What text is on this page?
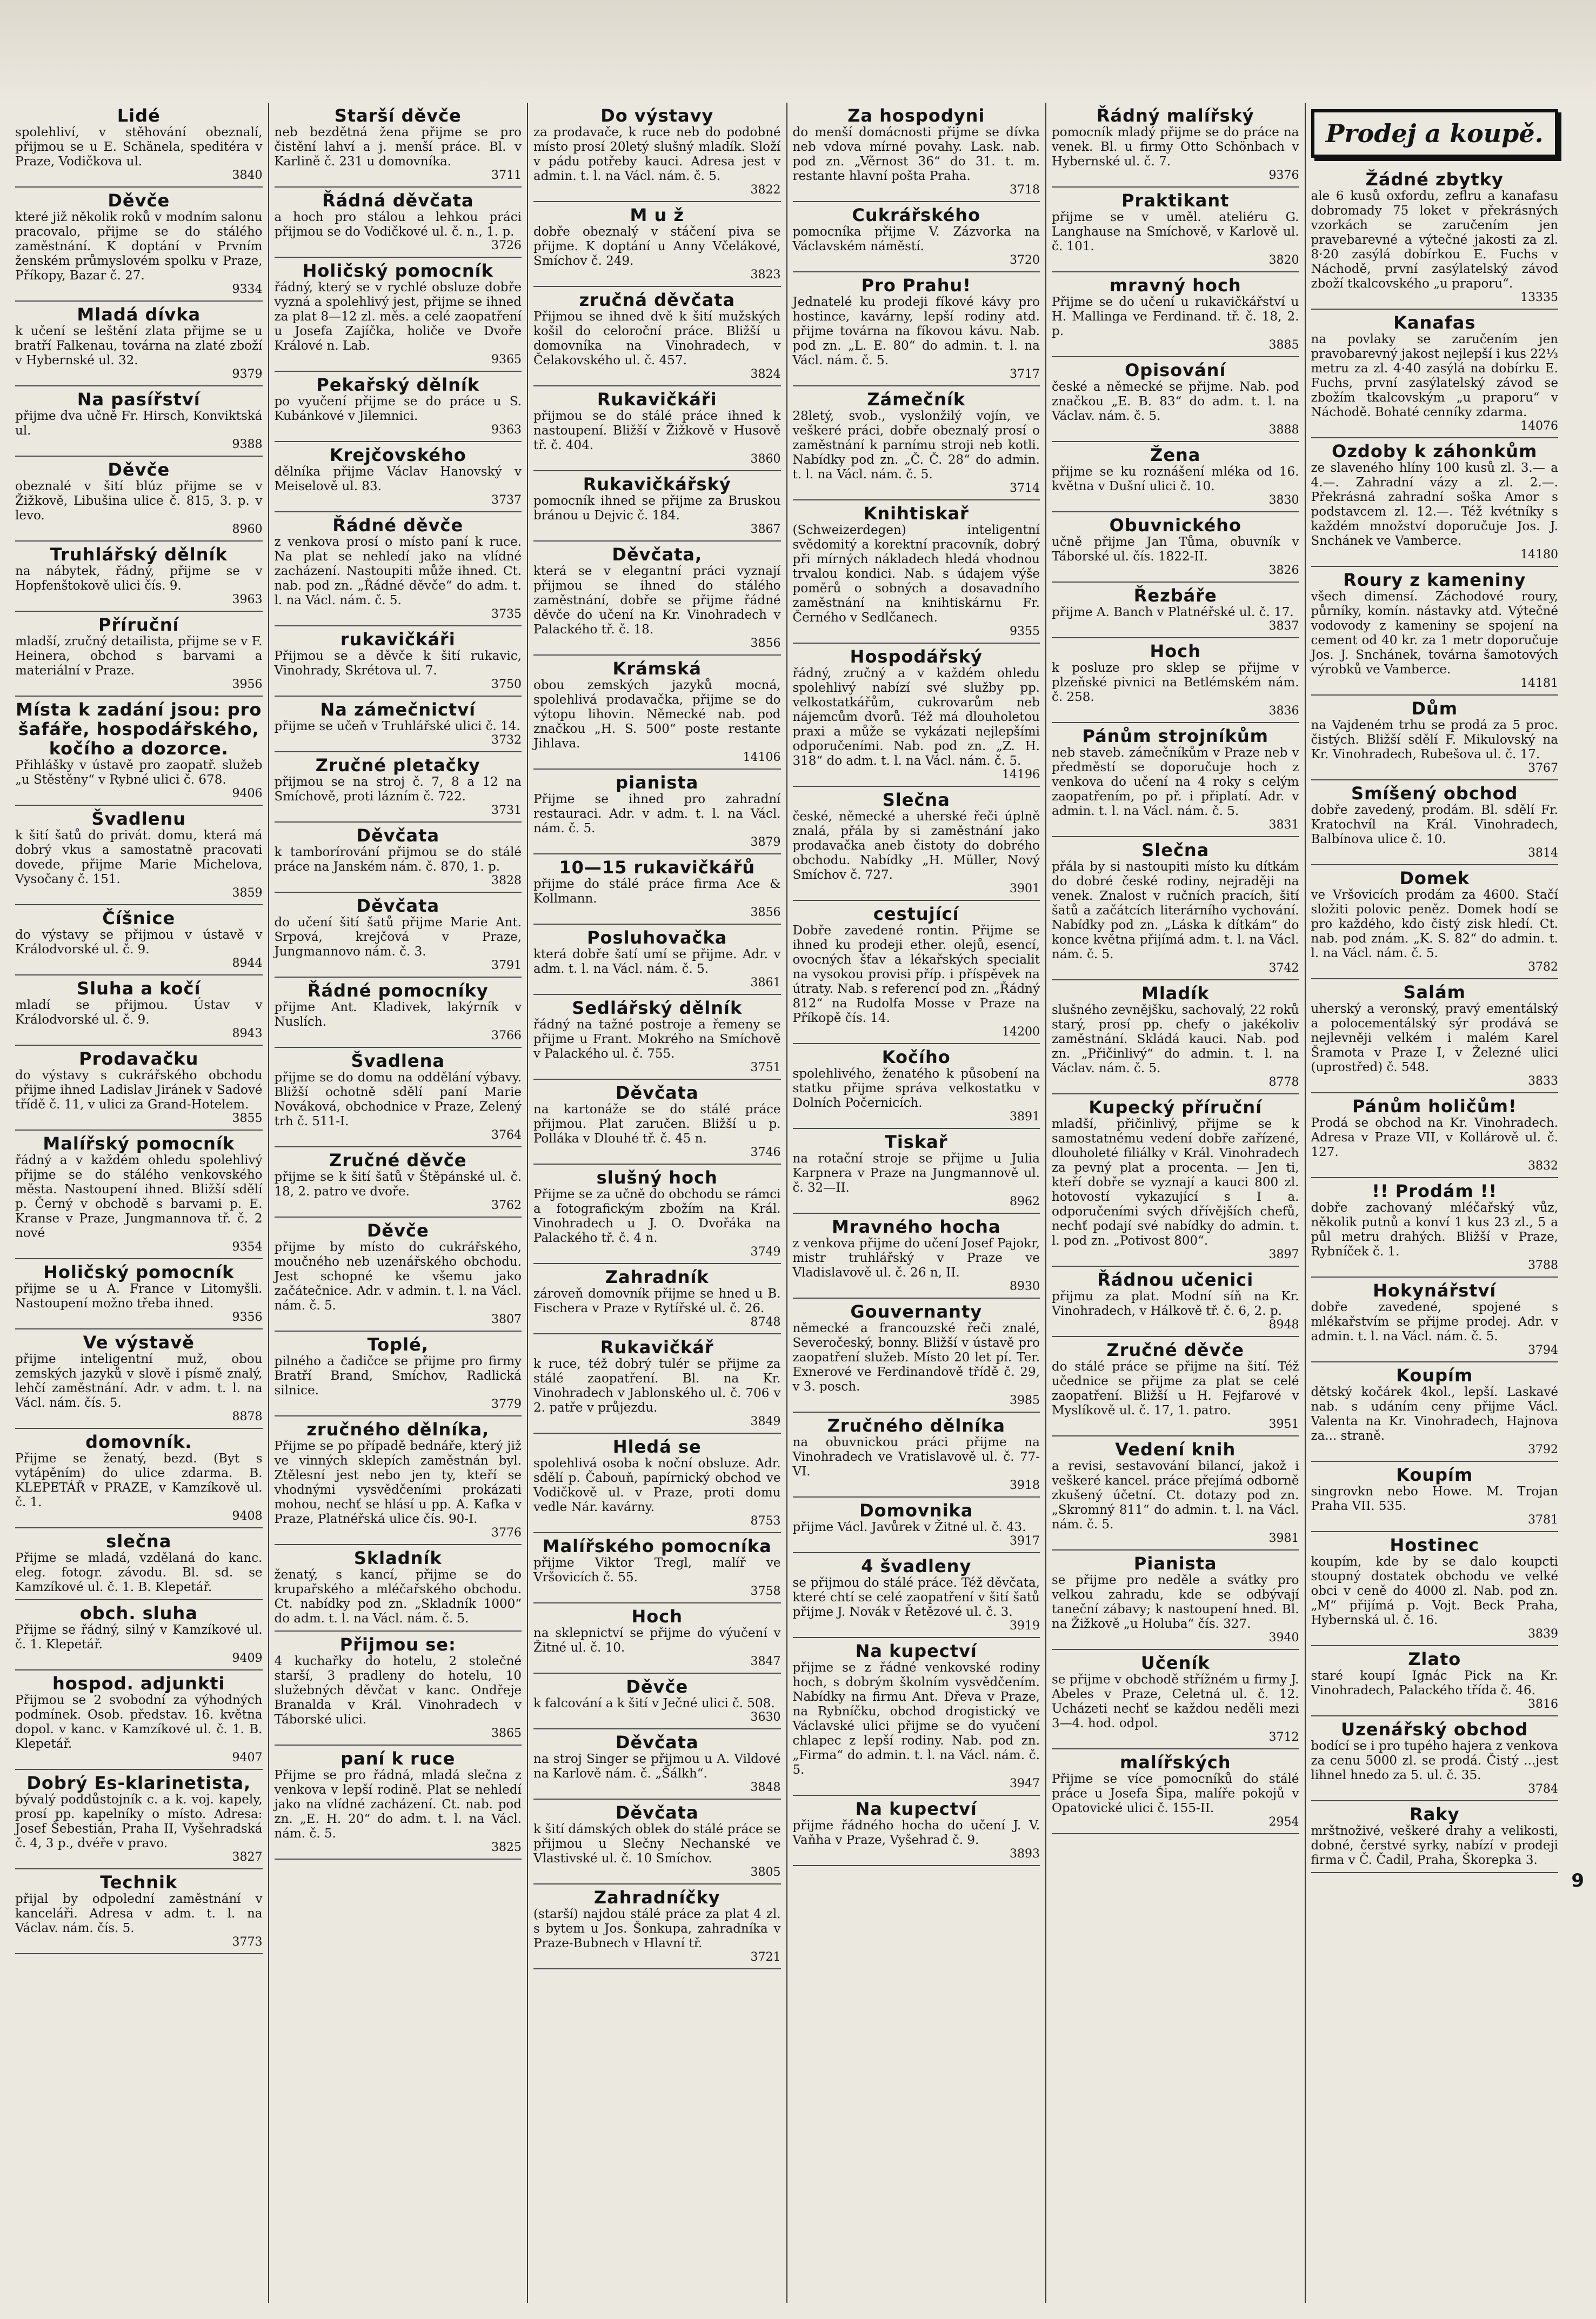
Lidé

spolehliví, v stěhování obeznalí, přijmou se u E. Schänela, speditéra v Praze, Vodičkova ul.

3840
Děvče

které již několik roků v modním salonu pracovalo, přijme se do stálého zaměstnání. K doptání v Prvním ženském průmyslovém spolku v Praze, Příkopy, Bazar č. 27.

9334
Mladá dívka

k učení se leštění zlata přijme se u bratří Falkenau, továrna na zlaté zboží v Hybernské ul. 32.

9379
Na pasířství

přijme dva učně Fr. Hirsch, Konviktská ul.

9388
Děvče

obeznalé v šití blúz přijme se v Žižkově, Libušina ulice č. 815, 3. p. v levo.

8960
Truhlářský dělník

na nábytek, řádný, přijme se v Hopfenštokově ulici čís. 9.

3963
Příruční

mladší, zručný detailista, přijme se v F. Heinera, obchod s barvami a materiální v Praze.

3956
Místa k zadání jsou: pro šafáře, hospodářského, kočího a dozorce.

Přihlášky v ústavě pro zaopatř. služeb „u Stěstěny“ v Rybné ulici č. 678.

9406
Švadlenu

k šití šatů do privát. domu, která má dobrý vkus a samostatně pracovati dovede, přijme Marie Michelova, Vysočany č. 151.

3859
Číšnice

do výstavy se přijmou v ústavě v Králodvorské ul. č. 9.

8944
Sluha a kočí

mladí se přijmou. Ústav v Králodvorské ul. č. 9.

8943
Prodavačku

do výstavy s cukrářského obchodu přijme ihned Ladislav Jiránek v Sadové třídě č. 11, v ulici za Grand-Hotelem.

3855
Malířský pomocník

řádný a v každém ohledu spolehlivý přijme se do stálého venkovského města. Nastoupení ihned. Bližší sdělí p. Černý v obchodě s barvami p. E. Kranse v Praze, Jungmannova tř. č. 2 nové

9354
Holičský pomocník

přijme se u A. France v Litomyšli. Nastoupení možno třeba ihned.

9356
Ve výstavě

přijme inteligentní muž, obou zemských jazyků v slově i písmě znalý, lehčí zaměstnání. Adr. v adm. t. l. na Václ. nám. čís. 5.

8878
domovník.

Přijme se ženatý, bezd. (Byt s vytápěním) do ulice zdarma. B. KLEPETÁŘ v PRAZE, v Kamzíkově ul. č. 1.

9408
slečna

Přijme se mladá, vzdělaná do kanc. eleg. fotogr. závodu. Bl. sd. se Kamzíkové ul. č. 1. B. Klepetář.

obch. sluha

Přijme se řádný, silný v Kamzíkové ul. č. 1. Klepetář.

9409
hospod. adjunkti

Přijmou se 2 svobodní za výhodných podmínek. Osob. představ. 16. května dopol. v kanc. v Kamzíkové ul. č. 1. B. Klepetář.

9407
Dobrý Es-klarinetista,

bývalý poddůstojník c. a k. voj. kapely, prosí pp. kapelníky o místo. Adresa: Josef Šebestián, Praha II, Vyšehradská č. 4, 3 p., dvéře v pravo.

3827
Technik

přijal by odpolední zaměstnání v kanceláři. Adresa v adm. t. l. na Václav. nám. čís. 5.

3773
Starší děvče

neb bezdětná žena přijme se pro čistění lahví a j. menší práce. Bl. v Karlině č. 231 u domovníka.

3711
Řádná děvčata

a hoch pro stálou a lehkou práci přijmou se do Vodičkové ul. č. n., 1. p.

3726
Holičský pomocník

řádný, který se v rychlé obsluze dobře vyzná a spolehlivý jest, přijme se ihned za plat 8—12 zl. měs. a celé zaopatření u Josefa Zajíčka, holiče ve Dvoře Králové n. Lab.

9365
Pekařský dělník

po vyučení přijme se do práce u S. Kubánkové v Jilemnici.

9363
Krejčovského

dělníka přijme Václav Hanovský v Meiselově ul. 83.

3737
Řádné děvče

z venkova prosí o místo paní k ruce. Na plat se nehledí jako na vlídné zacházení. Nastoupiti může ihned. Ct. nab. pod zn. „Řádné děvče“ do adm. t. l. na Václ. nám. č. 5.

3735
rukavičkáři

Přijmou se a děvče k šití rukavic, Vinohrady, Skrétova ul. 7.

3750
Na zámečnictví

přijme se učeň v Truhlářské ulici č. 14.

3732
Zručné pletačky

přijmou se na stroj č. 7, 8 a 12 na Smíchově, proti lázním č. 722.

3731
Děvčata

k tamborírování přijmou se do stálé práce na Janském nám. č. 870, 1. p.

3828
Děvčata

do učení šití šatů přijme Marie Ant. Srpová, krejčová v Praze, Jungmannovo nám. č. 3.

3791
Řádné pomocníky

přijme Ant. Kladivek, lakýrník v Nuslích.

3766
Švadlena

přijme se do domu na oddělání výbavy. Bližší ochotně sdělí paní Marie Nováková, obchodnice v Praze, Zelený trh č. 511-I.

3764
Zručné děvče

přijme se k šití šatů v Štěpánské ul. č. 18, 2. patro ve dvoře.

3762
Děvče

přijme by místo do cukrářského, moučného neb uzenářského obchodu. Jest schopné ke všemu jako začátečnice. Adr. v admin. t. l. na Václ. nám. č. 5.

3807
Toplé,

pilného a čadičce se přijme pro firmy Bratří Brand, Smíchov, Radlická silnice.

3779
zručného dělníka,

Přijme se po případě bednáře, který již ve vinných sklepích zaměstnán byl. Ztělesní jest nebo jen ty, kteří se vhodnými vysvědčeními prokázati mohou, nechť se hlásí u pp. A. Kafka v Praze, Platnéřská ulice čís. 90-I.

3776
Skladník

ženatý, s kancí, přijme se do krupařského a mléčařského obchodu. Ct. nabídky pod zn. „Skladník 1000“ do adm. t. l. na Václ. nám. č. 5.

Přijmou se:

4 kuchařky do hotelu, 2 stolečné starší, 3 pradleny do hotelu, 10 služebných děvčat v kanc. Ondřeje Branalda v Král. Vinohradech v Táborské ulici.

3865
paní k ruce

Přijme se pro řádná, mladá slečna z venkova v lepší rodině. Plat se nehledí jako na vlídné zacházení. Ct. nab. pod zn. „E. H. 20“ do adm. t. l. na Václ. nám. č. 5.

3825
Do výstavy

za prodavače, k ruce neb do podobné místo prosí 20letý slušný mladík. Složí v pádu potřeby kauci. Adresa jest v admin. t. l. na Václ. nám. č. 5.

3822
M u ž

dobře obeznalý v stáčení piva se přijme. K doptání u Anny Včelákové, Smíchov č. 249.

3823
zručná děvčata

Přijmou se ihned dvě k šití mužských košil do celoroční práce. Bližší u domovníka na Vinohradech, v Čelakovského ul. č. 457.

3824
Rukavičkáři

přijmou se do stálé práce ihned k nastoupení. Bližší v Žižkově v Husově tř. č. 404.

3860
Rukavičkářský

pomocník ihned se přijme za Bruskou bránou u Dejvic č. 184.

3867
Děvčata,

která se v elegantní práci vyznají přijmou se ihned do stálého zaměstnání, dobře se přijme řádné děvče do učení na Kr. Vinohradech v Palackého tř. č. 18.

3856
Krámská

obou zemských jazyků mocná, spolehlivá prodavačka, přijme se do výtopu lihovin. Německé nab. pod značkou „H. S. 500“ poste restante Jihlava.

14106
pianista

Přijme se ihned pro zahradní restauraci. Adr. v adm. t. l. na Václ. nám. č. 5.

3879
10—15 rukavičkářů

přijme do stálé práce firma Ace & Kollmann.

3856
Posluhovačka

která dobře šatí umí se přijme. Adr. v adm. t. l. na Václ. nám. č. 5.

3861
Sedlářský dělník

řádný na tažné postroje a řemeny se přijme u Frant. Mokrého na Smíchově v Palackého ul. č. 755.

3751
Děvčata

na kartonáže se do stálé práce přijmou. Plat zaručen. Bližší u p. Polláka v Dlouhé tř. č. 45 n.

3746
slušný hoch

Přijme se za učně do obchodu se rámci a fotografickým zbožím na Král. Vinohradech u J. O. Dvořáka na Palackého tř. č. 4 n.

3749
Zahradník

zároveň domovník přijme se hned u B. Fischera v Praze v Rytířské ul. č. 26.

8748
Rukavičkář

k ruce, též dobrý tulér se přijme za stálé zaopatření. Bl. na Kr. Vinohradech v Jablonského ul. č. 706 v 2. patře v průjezdu.

3849
Hledá se

spolehlivá osoba k noční obsluze. Adr. sdělí p. Čabouň, papírnický obchod ve Vodičkově ul. v Praze, proti domu vedle Nár. kavárny.

8753
Malířského pomocníka

přijme Viktor Tregl, malíř ve Vršovicích č. 55.

3758
Hoch

na sklepnictví se přijme do výučení v Žitné ul. č. 10.

3847
Děvče

k falcování a k šití v Ječné ulici č. 508.

3630
Děvčata

na stroj Singer se přijmou u A. Vildové na Karlově nám. č. „Šálkh“.

3848
Děvčata

k šití dámských oblek do stálé práce se přijmou u Slečny Nechanské ve Vlastivské ul. č. 10 Smíchov.

3805
Zahradníčky

(starší) najdou stálé práce za plat 4 zl. s bytem u Jos. Šonkupa, zahradníka v Praze-Bubnech v Hlavní tř.

3721
Za hospodyni

do menší domácnosti přijme se dívka neb vdova mírné povahy. Lask. nab. pod zn. „Věrnost 36“ do 31. t. m. restante hlavní pošta Praha.

3718
Cukrářského

pomocníka přijme V. Zázvorka na Václavském náměstí.

3720
Pro Prahu!

Jednatelé ku prodeji fíkové kávy pro hostince, kavárny, lepší rodiny atd. přijme továrna na fíkovou kávu. Nab. pod zn. „L. E. 80“ do admin. t. l. na Václ. nám. č. 5.

3717
Zámečník

28letý, svob., vyslonžilý vojín, ve veškeré práci, dobře obeznalý prosí o zaměstnání k parnímu stroji neb kotli. Nabídky pod zn. „Č. Č. 28“ do admin. t. l. na Václ. nám. č. 5.

3714
Knihtiskař

(Schweizerdegen) inteligentní svědomitý a korektní pracovník, dobrý při mírných nákladech hledá vhodnou trvalou kondici. Nab. s údajem výše poměrů o sobných a dosavadního zaměstnání na knihtiskárnu Fr. Černého v Sedlčanech.

9355
Hospodářský

řádný, zručný a v každém ohledu spolehlivý nabízí své služby pp. velkostatkářům, cukrovarům neb nájemcům dvorů. Též má dlouholetou praxi a může se vykázati nejlepšími odporučeními. Nab. pod zn. „Z. H. 318“ do adm. t. l. na Václ. nám. č. 5.

14196
Slečna

české, německé a uherské řeči úplně znalá, přála by si zaměstnání jako prodavačka aneb čistoty do dobrého obchodu. Nabídky „H. Müller, Nový Smíchov č. 727.

3901
cestující

Dobře zavedené rontin. Přijme se ihned ku prodeji ether. olejů, esencí, ovocných šťav a lékařských specialit na vysokou provisi příp. i příspěvek na útraty. Nab. s referencí pod zn. „Řádný 812“ na Rudolfa Mosse v Praze na Příkopě čís. 14.

14200
Kočího

spolehlivého, ženatého k působení na statku přijme správa velkostatku v Dolních Počernicích.

3891
Tiskař

na rotační stroje se přijme u Julia Karpnera v Praze na Jungmannově ul. č. 32—II.

8962
Mravného hocha

z venkova přijme do učení Josef Pajokr, mistr truhlářský v Praze ve Vladislavově ul. č. 26 n, II.

8930
Gouvernanty

německé a francouzské řeči znalé, Severočeský, bonny. Bližší v ústavě pro zaopatření služeb. Místo 20 let pí. Ter. Exnerové ve Ferdinandově třídě č. 29, v 3. posch.

3985
Zručného dělníka

na obuvnickou práci přijme na Vinohradech ve Vratislavově ul. č. 77-VI.

3918
Domovnika

přijme Václ. Javůrek v Žitné ul. č. 43.

3917
4 švadleny

se přijmou do stálé práce. Též děvčata, které chtí se celé zaopatření v šití šatů přijme J. Novák v Řetězové ul. č. 3.

3919
Na kupectví

přijme se z řádné venkovské rodiny hoch, s dobrým školním vysvědčením. Nabídky na firmu Ant. Dřeva v Praze, na Rybníčku, obchod drogistický ve Václavské ulici přijme se do vyučení chlapec z lepší rodiny. Nab. pod zn. „Firma“ do admin. t. l. na Václ. nám. č. 5.

3947
Na kupectví

přijme řádného hocha do učení J. V. Vaňha v Praze, Vyšehrad č. 9.

3893
Řádný malířský

pomocník mladý přijme se do práce na venek. Bl. u firmy Otto Schönbach v Hybernské ul. č. 7.

9376
Praktikant

přijme se v uměl. ateliéru G. Langhause na Smíchově, v Karlově ul. č. 101.

3820
mravný hoch

Přijme se do učení u rukavičkářství u H. Mallinga ve Ferdinand. tř. č. 18, 2. p.

3885
Opisování

české a německé se přijme. Nab. pod značkou „E. B. 83“ do adm. t. l. na Václav. nám. č. 5.

3888
Žena

přijme se ku roznášení mléka od 16. května v Dušní ulici č. 10.

3830
Obuvnického

učně přijme Jan Tůma, obuvník v Táborské ul. čís. 1822-II.

3826
Řezbáře

přijme A. Banch v Platnéřské ul. č. 17.

3837
Hoch

k posluze pro sklep se přijme v plzeňské pivnici na Betlémském nám. č. 258.

3836
Pánům strojníkům

neb staveb. zámečníkům v Praze neb v předměstí se doporučuje hoch z venkova do učení na 4 roky s celým zaopatřením, po př. i připlatí. Adr. v admin. t. l. na Václ. nám. č. 5.

3831
Slečna

přála by si nastoupiti místo ku dítkám do dobré české rodiny, nejraději na venek. Znalost v ručních pracích, šití šatů a začátcích literárního vychování. Nabídky pod zn. „Láska k dítkám“ do konce května přijímá adm. t. l. na Václ. nám. č. 5.

3742
Mladík

slušného zevnějšku, sachovalý, 22 roků starý, prosí pp. chefy o jakékoliv zaměstnání. Skládá kauci. Nab. pod zn. „Přičinlivý“ do admin. t. l. na Václav. nám. č. 5.

8778
Kupecký příruční

mladší, přičinlivý, přijme se k samostatnému vedení dobře zařízené, dlouholeté filiálky v Král. Vinohradech za pevný plat a procenta. — Jen ti, kteří dobře se vyznají a kauci 800 zl. hotovostí vykazující s I a. odporučeními svých dřívějších chefů, nechť podají své nabídky do admin. t. l. pod zn. „Potivost 800“.

3897
Řádnou učenici

přijmu za plat. Modní síň na Kr. Vinohradech, v Hálkově tř. č. 6, 2. p.

8948
Zručné děvče

do stálé práce se přijme na šití. Též učednice se přijme za plat se celé zaopatření. Bližší u H. Fejfarové v Myslíkově ul. č. 17, 1. patro.

3951
Vedení knih

a revisi, sestavování bilancí, jakož i veškeré kancel. práce přejímá odborně zkušený účetní. Ct. dotazy pod zn. „Skromný 811“ do admin. t. l. na Václ. nám. č. 5.

3981
Pianista

se přijme pro neděle a svátky pro velkou zahradu, kde se odbývají taneční zábavy; k nastoupení hned. Bl. na Žižkově „u Holuba“ čís. 327.

3940
Učeník

se přijme v obchodě střížném u firmy J. Abeles v Praze, Celetná ul. č. 12. Ucházeti nechť se každou neděli mezi 3—4. hod. odpol.

3712
malířských

Přijme se více pomocníků do stálé práce u Josefa Šipa, malíře pokojů v Opatovické ulici č. 155-II.

2954
Prodej a koupě.
Žádné zbytky

ale 6 kusů oxfordu, zeflru a kanafasu dobromady 75 loket v překrásných vzorkách se zaručením jen pravebarevné a výtečné jakosti za zl. 8·20 zasýlá dobírkou E. Fuchs v Náchodě, první zasýlatelský závod zboží tkalcovského „u praporu“.

13335
Kanafas

na povlaky se zaručením jen pravobarevný jakost nejlepší i kus 22⅓ metru za zl. 4·40 zasýlá na dobírku E. Fuchs, první zasýlatelský závod se zbožím tkalcovským „u praporu“ v Náchodě. Bohaté cenníky zdarma.

14076
Ozdoby k záhonkům

ze slaveného hlíny 100 kusů zl. 3.— a 4.—. Zahradní vázy a zl. 2.—. Překrásná zahradní soška Amor s podstavcem zl. 12.—. Též kvétníky s každém množství doporučuje Jos. J. Snchánek ve Vamberce.

14180
Roury z kameniny

všech dimensí. Záchodové roury, půrníky, komín. nástavky atd. Výtečné vodovody z kameniny se spojení na cement od 40 kr. za 1 metr doporučuje Jos. J. Snchánek, továrna šamotových výrobků ve Vamberce.

14181
Dům

na Vajdeném trhu se prodá za 5 proc. čistých. Bližší sdělí F. Mikulovský na Kr. Vinohradech, Rubešova ul. č. 17.

3767
Smíšený obchod

dobře zavedený, prodám. Bl. sdělí Fr. Kratochvíl na Král. Vinohradech, Balbínova ulice č. 10.

3814
Domek

ve Vršovicích prodám za 4600. Stačí složiti polovic peněz. Domek hodí se pro každého, kdo čistý zisk hledí. Ct. nab. pod znám. „K. S. 82“ do admin. t. l. na Václ. nám. č. 5.

3782
Salám

uherský a veronský, pravý ementálský a polocementálský sýr prodává se nejlevněji velkém i malém Karel Šramota v Praze I, v Železné ulici (uprostřed) č. 548.

3833
Pánům holičům!

Prodá se obchod na Kr. Vinohradech. Adresa v Praze VII, v Kollárově ul. č. 127.

3832
!! Prodám !!

dobře zachovaný mléčařský vůz, několik putnů a konví 1 kus 23 zl., 5 a půl metru drahých. Bližší v Praze, Rybníček č. 1.

3788
Hokynářství

dobře zavedené, spojené s mlékařstvím se přijme prodej. Adr. v admin. t. l. na Václ. nám. č. 5.

3794
Koupím

dětský kočárek 4kol., lepší. Laskavé nab. s udáním ceny přijme Václ. Valenta na Kr. Vinohradech, Hajnova za... straně.

3792
Koupím

singrovkn nebo Howe. M. Trojan Praha VII. 535.

3781
Hostinec

koupím, kde by se dalo koupcti stoupný dostatek obchodu ve velké obci v ceně do 4000 zl. Nab. pod zn. „M“ přijímá p. Vojt. Beck Praha, Hybernská ul. č. 16.

3839
Zlato

staré koupí Ignác Pick na Kr. Vinohradech, Palackého třída č. 46.

3816
Uzenářský obchod

bodící se i pro tupého hajera z venkova za cenu 5000 zl. se prodá. Čistý ...jest lihnel hnedo za 5. ul. č. 35.

3784
Raky

mrštnoživé, veškeré drahy a velikosti, dobné, čerstvé syrky, nabízí v prodeji firma v Č. Čadil, Praha, Škorepka 3.

9
